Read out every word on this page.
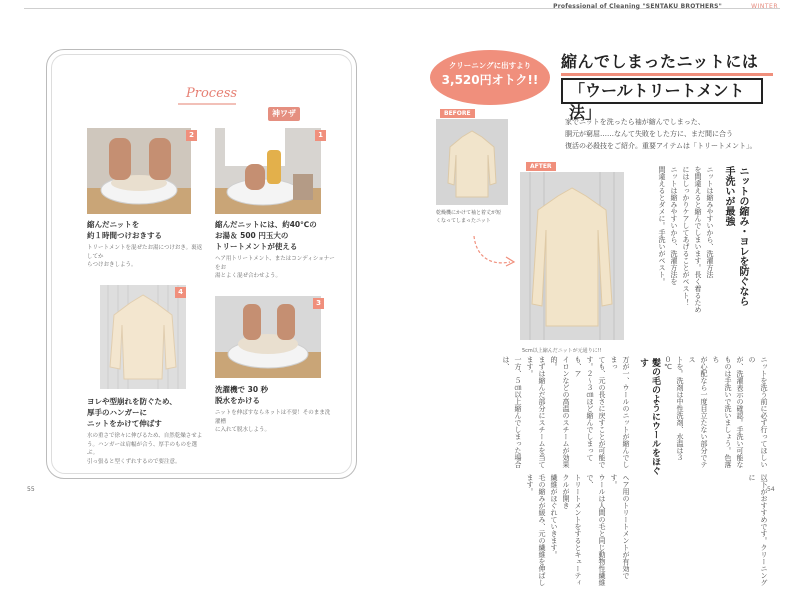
Professional of Cleaning "SENTAKU BROTHERS"	WINTER
Process
2	1
神ワザ
縮んだニットを
約１時間つけおきする
トリートメントを混ぜたお湯につけおき。裏返してか
らつけおきしよう。
縮んだニットには、約40℃の
お湯＆ 500 円玉大の
トリートメントが使える
ヘア用トリートメント、またはコンディショナーをお
湯とよく混ぜ合わせよう。
4
3
ヨレや型崩れを防ぐため、
厚手のハンガーに
ニットをかけて伸ばす
水の重さで徐々に伸びるため、自然乾燥させよ
う。ハンガーは肩幅が合う、厚手のものを選ぶ。
引っ張ると型くずれするので要注意。
洗濯機で 30 秒
脱水をかける
ニットを伸ばすならネットは不要！そのまま洗濯槽
に入れて脱水しよう。
55
クリーニングに出すより
3,520円オトク!!
縮んでしまったニットには
「ウールトリートメント法」
家でニットを洗ったら袖が縮んでしまった、
胴元が窮屈……なんて失敗をした方に、まだ間に合う
復活の必殺技をご紹介。重要アイテムは「トリートメント」。
BEFORE
乾燥機にかけて袖と着丈が短
くなってしまったニット
AFTER
5cm以上縮んだニットが元通りに!!
ニットの縮み・ヨレを防ぐなら
手洗いが最強
ニットは縮みやすいから、洗濯方法
を間違えると縮んでしまいます。長く着るため
にはしっかりケアしてあげることがベスト！
ニットは縮みやすいから、洗濯方法を
間違えるとダメに。手洗いがベスト。
ニットを洗う前に必ず行ってほしいの
が、洗濯表示の確認。手洗い可能な
ものは手洗いで洗いましょう。色落ち
が心配なら一度目立たない部分でテス
トを。洗剤は中性洗剤、水温は３０℃
以下がおすすめです。クリーニングに
髪の毛のようにウールをほぐす
万が一、ウールのニットが縮んでしまっ
ても、元の長さに戻すことが可能で
す。２〜３㎝ほど縮んでしまっても、ア
イロンなどの高温のスチームが効果的。
まずは縮んだ部分にスチームを当てます。
一方、５㎝以上縮んでしまった場合は、
ヘア用のトリートメントが有効です。
ウールは人間の毛と同じ動物性繊維で、
トリートメントをするとキューティクルが開き
繊維がほぐれていきます。
毛の縮みが緩み、元の繊維を伸ばします。	54
